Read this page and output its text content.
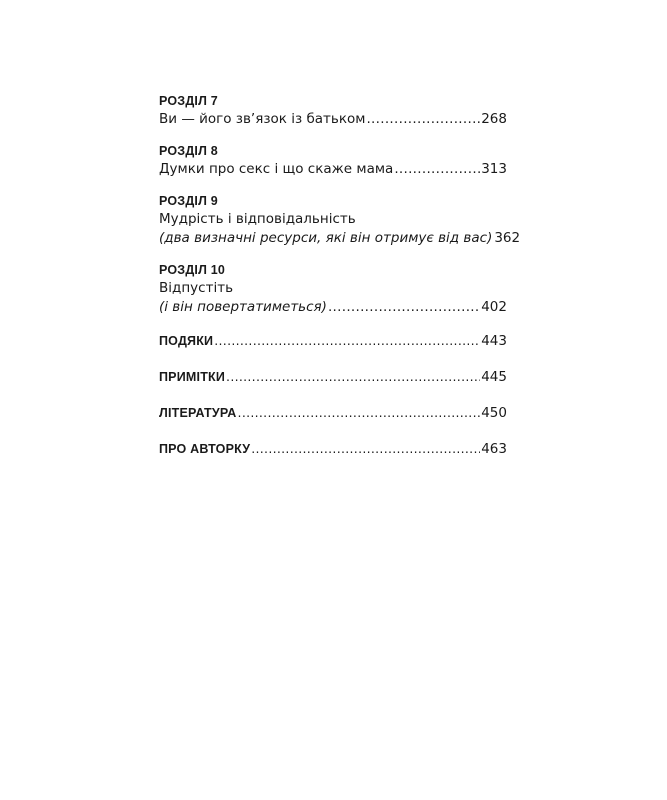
РОЗДІЛ 7
Ви — його зв’язок із батьком .....	268
РОЗДІЛ 8
Думки про секс і що скаже мама .....	313
РОЗДІЛ 9
Мудрість і відповідальність
(два визначні ресурси, які він отримує від вас) 362
РОЗДІЛ 10
Відпустіть
(і він повертатиметься) .....	402
ПОДЯКИ .....	443
ПРИМІТКИ .....	445
ЛІТЕРАТУРА .....	450
ПРО АВТОРКУ .....	463
